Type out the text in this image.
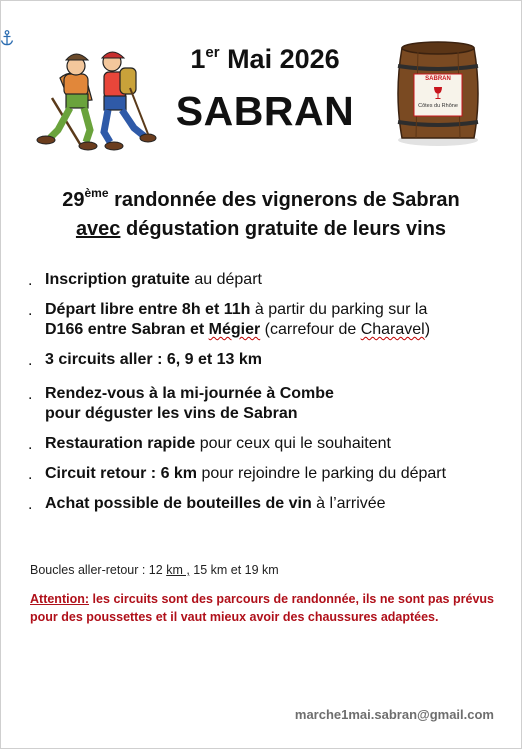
1er Mai 2026
SABRAN
SABRAN
Côtes du Rhône
29ème randonnée des vignerons de Sabran
avec dégustation gratuite de leurs vins
. Inscription gratuite au départ
. Départ libre entre 8h et 11h à partir du parking sur la
D166 entre Sabran et Mégier (carrefour de Charavel)
. 3 circuits aller : 6, 9 et 13 km
. Rendez-vous à la mi-journée à Combe
pour déguster les vins de Sabran
. Restauration rapide pour ceux qui le souhaitent
. Circuit retour : 6 km pour rejoindre le parking du départ
. Achat possible de bouteilles de vin à l’arrivée
Boucles aller-retour : 12 km , 15 km et 19 km
Attention: les circuits sont des parcours de randonnée, ils ne sont pas prévus pour des poussettes et il vaut mieux avoir des chaussures adaptées.
marche1mai.sabran@gmail.com
